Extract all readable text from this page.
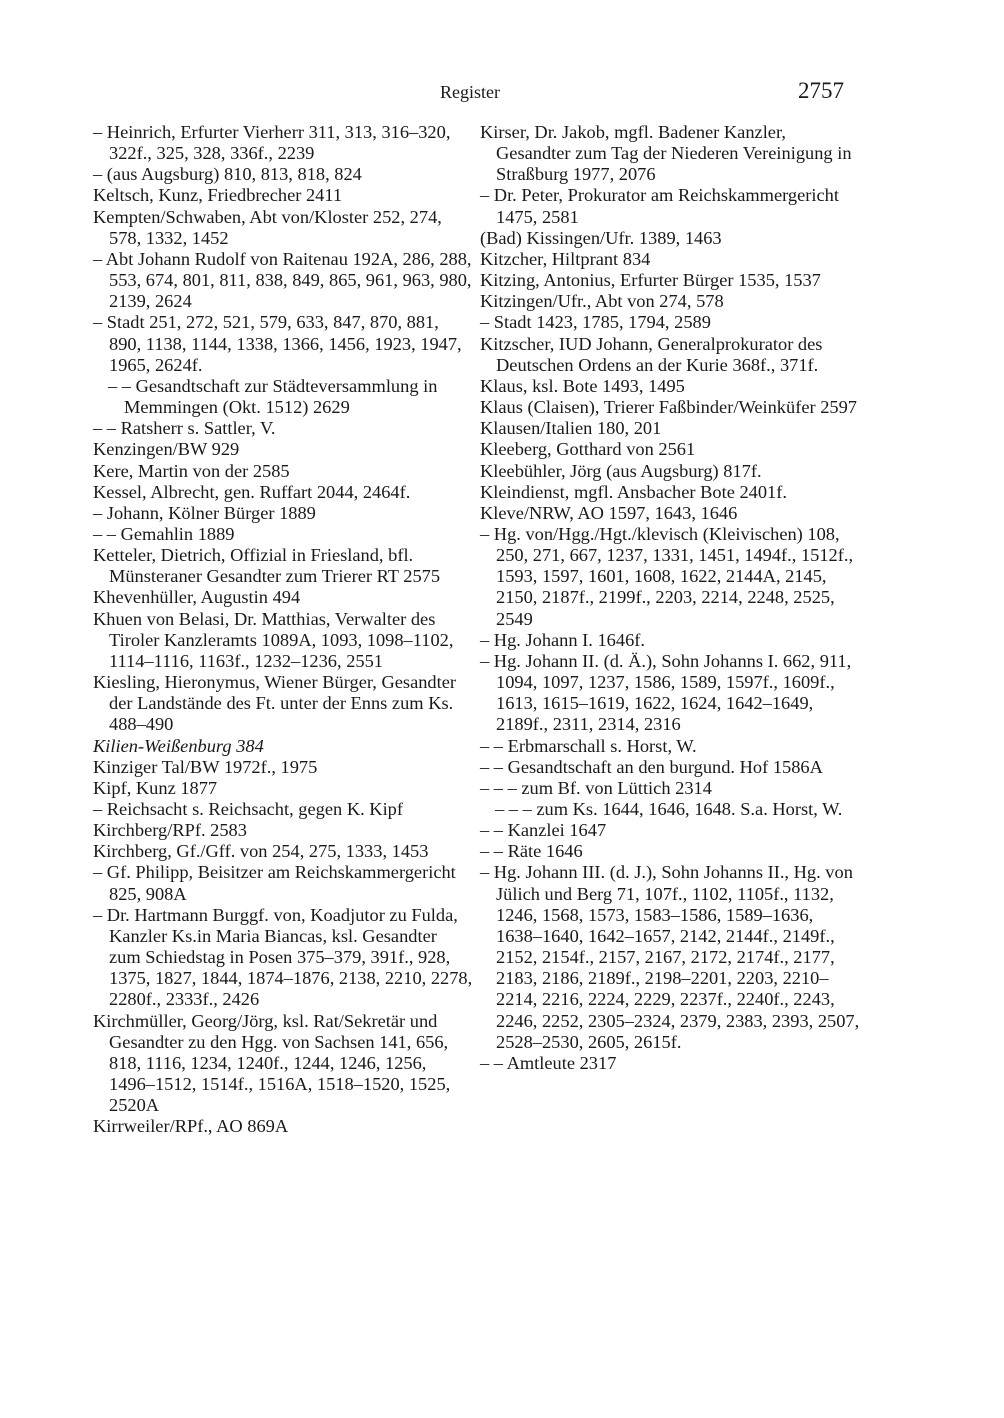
Register	2757

– Heinrich, Erfurter Vierherr 311, 313, 316–320, 322f., 325, 328, 336f., 2239

– (aus Augsburg) 810, 813, 818, 824

Keltsch, Kunz, Friedbrecher 2411

Kempten/Schwaben, Abt von/Kloster 252, 274, 578, 1332, 1452

– Abt Johann Rudolf von Raitenau 192A, 286, 288, 553, 674, 801, 811, 838, 849, 865, 961, 963, 980, 2139, 2624

– Stadt 251, 272, 521, 579, 633, 847, 870, 881, 890, 1138, 1144, 1338, 1366, 1456, 1923, 1947, 1965, 2624f.

– – Gesandtschaft zur Städteversammlung in Memmingen (Okt. 1512) 2629

– – Ratsherr s. Sattler, V.

Kenzingen/BW 929

Kere, Martin von der 2585

Kessel, Albrecht, gen. Ruffart 2044, 2464f.

– Johann, Kölner Bürger 1889

– – Gemahlin 1889

Ketteler, Dietrich, Offizial in Friesland, bfl. Münsteraner Gesandter zum Trierer RT 2575

Khevenhüller, Augustin 494

Khuen von Belasi, Dr. Matthias, Verwalter des Tiroler Kanzleramts 1089A, 1093, 1098–1102, 1114–1116, 1163f., 1232–1236, 2551

Kiesling, Hieronymus, Wiener Bürger, Gesandter der Landstände des Ft. unter der Enns zum Ks. 488–490

Kilien-Weißenburg 384

Kinziger Tal/BW 1972f., 1975

Kipf, Kunz 1877

– Reichsacht s. Reichsacht, gegen K. Kipf

Kirchberg/RPf. 2583

Kirchberg, Gf./Gff. von 254, 275, 1333, 1453

– Gf. Philipp, Beisitzer am Reichskammergericht 825, 908A

– Dr. Hartmann Burggf. von, Koadjutor zu Fulda, Kanzler Ks.in Maria Biancas, ksl. Gesandter zum Schiedstag in Posen 375–379, 391f., 928, 1375, 1827, 1844, 1874–1876, 2138, 2210, 2278, 2280f., 2333f., 2426

Kirchmüller, Georg/Jörg, ksl. Rat/Sekretär und Gesandter zu den Hgg. von Sachsen 141, 656, 818, 1116, 1234, 1240f., 1244, 1246, 1256, 1496–1512, 1514f., 1516A, 1518–1520, 1525, 2520A

Kirrweiler/RPf., AO 869A

Kirser, Dr. Jakob, mgfl. Badener Kanzler, Gesandter zum Tag der Niederen Vereinigung in Straßburg 1977, 2076

– Dr. Peter, Prokurator am Reichskammergericht 1475, 2581

(Bad) Kissingen/Ufr. 1389, 1463

Kitzcher, Hiltprant 834

Kitzing, Antonius, Erfurter Bürger 1535, 1537

Kitzingen/Ufr., Abt von 274, 578

– Stadt 1423, 1785, 1794, 2589

Kitzscher, IUD Johann, Generalprokurator des Deutschen Ordens an der Kurie 368f., 371f.

Klaus, ksl. Bote 1493, 1495

Klaus (Claisen), Trierer Faßbinder/Weinküfer 2597

Klausen/Italien 180, 201

Kleeberg, Gotthard von 2561

Kleebühler, Jörg (aus Augsburg) 817f.

Kleindienst, mgfl. Ansbacher Bote 2401f.

Kleve/NRW, AO 1597, 1643, 1646

– Hg. von/Hgg./Hgt./klevisch (Kleivischen) 108, 250, 271, 667, 1237, 1331, 1451, 1494f., 1512f., 1593, 1597, 1601, 1608, 1622, 2144A, 2145, 2150, 2187f., 2199f., 2203, 2214, 2248, 2525, 2549

– Hg. Johann I. 1646f.

– Hg. Johann II. (d. Ä.), Sohn Johanns I. 662, 911, 1094, 1097, 1237, 1586, 1589, 1597f., 1609f., 1613, 1615–1619, 1622, 1624, 1642–1649, 2189f., 2311, 2314, 2316

– – Erbmarschall s. Horst, W.

– – Gesandtschaft an den burgund. Hof 1586A

– – – zum Bf. von Lüttich 2314

– – – zum Ks. 1644, 1646, 1648. S.a. Horst, W.

– – Kanzlei 1647

– – Räte 1646

– Hg. Johann III. (d. J.), Sohn Johanns II., Hg. von Jülich und Berg 71, 107f., 1102, 1105f., 1132, 1246, 1568, 1573, 1583–1586, 1589–1636, 1638–1640, 1642–1657, 2142, 2144f., 2149f., 2152, 2154f., 2157, 2167, 2172, 2174f., 2177, 2183, 2186, 2189f., 2198–2201, 2203, 2210–2214, 2216, 2224, 2229, 2237f., 2240f., 2243, 2246, 2252, 2305–2324, 2379, 2383, 2393, 2507, 2528–2530, 2605, 2615f.

– – Amtleute 2317
